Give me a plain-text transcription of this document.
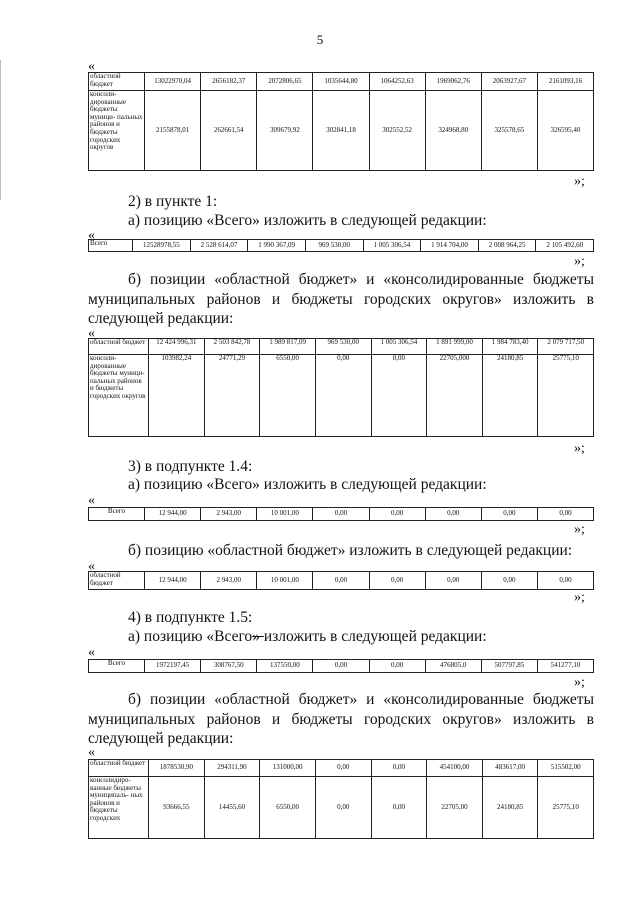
5
«
областной бюджет	13022970,04	2656182,37	2072806,65	1035644,80	1064252,63	1969062,76	2063927,67	2161093,16
консоли- дированные бюджеты муници- пальных районов и бюджеты городских округов	2155878,01	262661,54	309679,92	302841,18	302552,52	324968,80	325578,65	326595,40
»;
2) в пункте 1:
а) позицию «Всего» изложить в следующей редакции:
«
Всего	12528978,55	2 528 614,07	1 990 367,09	969 530,00	1 005 306,54	1 914 704,00	2 008 964,25	2 105 492,60
»;
б) позиции «областной бюджет» и «консолидированные бюджеты муниципальных районов и бюджеты городских округов» изложить в следующей редакции:
«
областной бюджет	12 424 996,31	2 503 842,78	1 989 817,09	969 530,00	1 005 306,54	1 891 999,00	1 984 783,40	2 079 717,50
консоли- дированные бюджеты муници- пальных районов и бюджеты городских округов	103982,24	24771,29	6550,00	0,00	0,00	22705,000	24180,85	25775,10
»;
3) в подпункте 1.4:
а) позицию «Всего» изложить в следующей редакции:
«
Всего	12 944,00	2 943,00	10 001,00	0,00	0,00	0,00	0,00	0,00
»;
б) позицию «областной бюджет» изложить в следующей редакции:
«
областной бюджет	12 944,00	2 943,00	10 001,00	0,00	0,00	0,00	0,00	0,00
»;
4) в подпункте 1.5:
а) позицию «Всего» изложить в следующей редакции:
«
Всего	1972197,45	308767,50	137550,00	0,00	0,00	476805,0	507797,85	541277,10
»;
б) позиции «областной бюджет» и «консолидированные бюджеты муниципальных районов и бюджеты городских округов» изложить в следующей редакции:
«
областной бюджет	1878530,90	294311,90	131000,00	0,00	0,00	454100,00	483617,00	515502,00
консолидиро- ванные бюджеты муниципаль- ных районов и бюджеты городских	93666,55	14455,60	6550,00	0,00	0,00	22705,00	24180,85	25775,10
